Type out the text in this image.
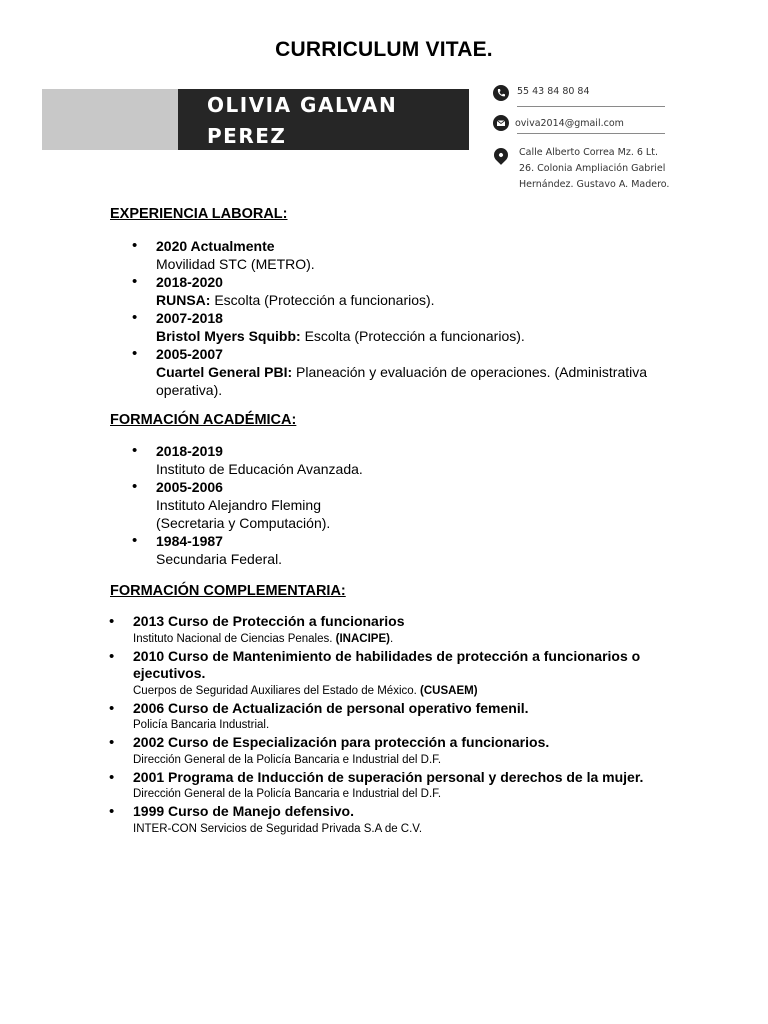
CURRICULUM VITAE.
OLIVIA GALVAN
PEREZ
55 43 84 80 84
oviva2014@gmail.com
Calle Alberto Correa Mz. 6 Lt.
26. Colonia Ampliación Gabriel
Hernández. Gustavo A. Madero.
EXPERIENCIA LABORAL:
• 2020 Actualmente
Movilidad STC (METRO).
• 2018-2020
RUNSA: Escolta (Protección a funcionarios).
• 2007-2018
Bristol Myers Squibb: Escolta (Protección a funcionarios).
• 2005-2007
Cuartel General PBI: Planeación y evaluación de operaciones. (Administrativa operativa).
FORMACIÓN ACADÉMICA:
• 2018-2019
Instituto de Educación Avanzada.
• 2005-2006
Instituto Alejandro Fleming
(Secretaria y Computación).
• 1984-1987
Secundaria Federal.
FORMACIÓN COMPLEMENTARIA:
• 2013 Curso de Protección a funcionarios
Instituto Nacional de Ciencias Penales. (INACIPE).
• 2010 Curso de Mantenimiento de habilidades de protección a funcionarios o ejecutivos.
Cuerpos de Seguridad Auxiliares del Estado de México. (CUSAEM)
• 2006 Curso de Actualización de personal operativo femenil.
Policía Bancaria Industrial.
• 2002 Curso de Especialización para protección a funcionarios.
Dirección General de la Policía Bancaria e Industrial del D.F.
• 2001 Programa de Inducción de superación personal y derechos de la mujer.
Dirección General de la Policía Bancaria e Industrial del D.F.
• 1999 Curso de Manejo defensivo.
INTER-CON Servicios de Seguridad Privada S.A de C.V.
